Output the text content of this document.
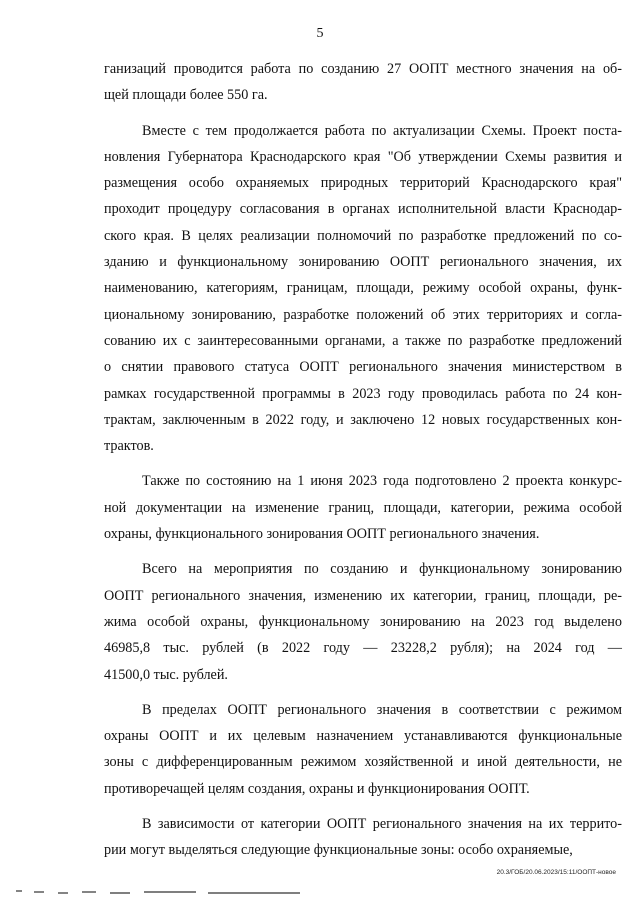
5
ганизаций проводится работа по созданию 27 ООПТ местного значения на об-
щей площади более 550 га.
Вместе с тем продолжается работа по актуализации Схемы. Проект поста-
новления Губернатора Краснодарского края "Об утверждении Схемы развития и
размещения особо охраняемых природных территорий Краснодарского края"
проходит процедуру согласования в органах исполнительной власти Краснодар-
ского края. В целях реализации полномочий по разработке предложений по со-
зданию и функциональному зонированию ООПТ регионального значения, их
наименованию, категориям, границам, площади, режиму особой охраны, функ-
циональному зонированию, разработке положений об этих территориях и согла-
сованию их с заинтересованными органами, а также по разработке предложений
о снятии правового статуса ООПТ регионального значения министерством в
рамках государственной программы в 2023 году проводилась работа по 24 кон-
трактам, заключенным в 2022 году, и заключено 12 новых государственных кон-
трактов.
Также по состоянию на 1 июня 2023 года подготовлено 2 проекта конкурс-
ной документации на изменение границ, площади, категории, режима особой
охраны, функционального зонирования ООПТ регионального значения.
Всего на мероприятия по созданию и функциональному зонированию
ООПТ регионального значения, изменению их категории, границ, площади, ре-
жима особой охраны, функциональному зонированию на 2023 год выделено
46985,8 тыс. рублей (в 2022 году — 23228,2 рубля); на 2024 год —
41500,0 тыс. рублей.
В пределах ООПТ регионального значения в соответствии с режимом
охраны ООПТ и их целевым назначением устанавливаются функциональные
зоны с дифференцированным режимом хозяйственной и иной деятельности, не
противоречащей целям создания, охраны и функционирования ООПТ.
В зависимости от категории ООПТ регионального значения на их террито-
рии могут выделяться следующие функциональные зоны: особо охраняемые,
20.3/ГОБ/20.06.2023/15:11/ООПТ-новое
